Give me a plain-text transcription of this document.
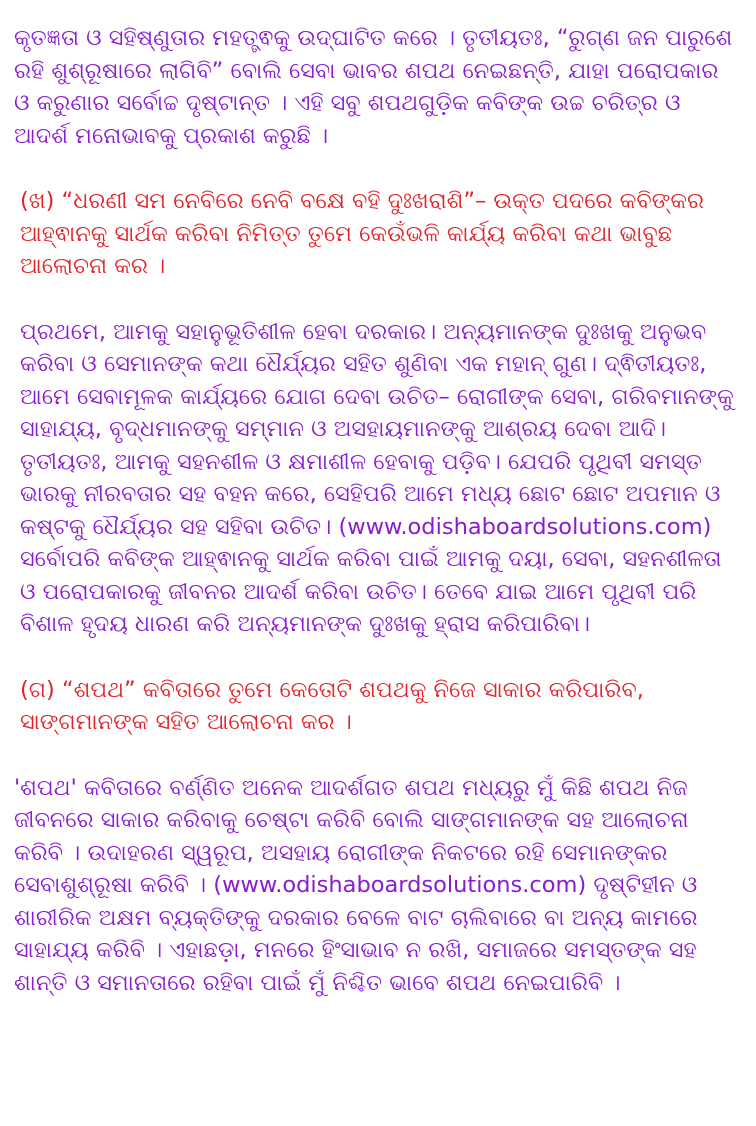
କୃତଜ୍ଞତା ଓ ସହିଷ୍ଣୁତାର ମହତ୍ତ୍ଵକୁ ଉଦ୍‌ଘାଟିତ କରେ । ତୃତୀୟତଃ, “ରୁଗ୍ଣ ଜନ ପାରୁଶେ ରହି ଶୁଶ୍ରୂଷାରେ ଲାଗିବି” ବୋଲି ସେବା ଭାବର ଶପଥ ନେଇଛନ୍ତି, ଯାହା ପରୋପକାର ଓ କରୁଣାର ସର୍ବୋଚ୍ଚ ଦୃଷ୍ଟାନ୍ତ । ଏହି ସବୁ ଶପଥଗୁଡ଼ିକ କବିଙ୍କ ଉଚ୍ଚ ଚରିତ୍ର ଓ ଆଦର୍ଶ ମନୋଭାବକୁ ପ୍ରକାଶ କରୁଛି ।

(ଖ) “ଧରଣୀ ସମ ନେବିରେ ନେବି ବକ୍ଷେ ବହି ଦୁଃଖରାଶି”– ଉକ୍ତ ପଦରେ କବିଙ୍କର ଆହ୍ଵାନକୁ ସାର୍ଥକ କରିବା ନିମିତ୍ତ ତୁମେ କେଉଁଭଳି କାର୍ଯ୍ୟ କରିବା କଥା ଭାବୁଛ ଆଲୋଚନା କର ।

ପ୍ରଥମେ, ଆମକୁ ସହାନୁଭୂତିଶୀଳ ହେବା ଦରକାର। ଅନ୍ୟମାନଙ୍କ ଦୁଃଖକୁ ଅନୁଭବ କରିବା ଓ ସେମାନଙ୍କ କଥା ଧୈର୍ଯ୍ୟର ସହିତ ଶୁଣିବା ଏକ ମହାନ୍ ଗୁଣ। ଦ୍ଵିତୀୟତଃ, ଆମେ ସେବାମୂଳକ କାର୍ଯ୍ୟରେ ଯୋଗ ଦେବା ଉଚିତ– ରୋଗୀଙ୍କ ସେବା, ଗରିବମାନଙ୍କୁ ସାହାଯ୍ୟ, ବୃଦ୍ଧମାନଙ୍କୁ ସମ୍ମାନ ଓ ଅସହାୟମାନଙ୍କୁ ଆଶ୍ରୟ ଦେବା ଆଦି। ତୃତୀୟତଃ, ଆମକୁ ସହନଶୀଳ ଓ କ୍ଷମାଶୀଳ ହେବାକୁ ପଡ଼ିବ। ଯେପରି ପୃଥିବୀ ସମସ୍ତ ଭାରକୁ ନୀରବତାର ସହ ବହନ କରେ, ସେହିପରି ଆମେ ମଧ୍ୟ ଛୋଟ ଛୋଟ ଅପମାନ ଓ କଷ୍ଟକୁ ଧୈର୍ଯ୍ୟର ସହ ସହିବା ଉଚିତ। (www.odishaboardsolutions.com) ସର୍ବୋପରି କବିଙ୍କ ଆହ୍ଵାନକୁ ସାର୍ଥକ କରିବା ପାଇଁ ଆମକୁ ଦୟା, ସେବା, ସହନଶୀଳତା ଓ ପରୋପକାରକୁ ଜୀବନର ଆଦର୍ଶ କରିବା ଉଚିତ। ତେବେ ଯାଇ ଆମେ ପୃଥିବୀ ପରି ବିଶାଳ ହୃଦୟ ଧାରଣ କରି ଅନ୍ୟମାନଙ୍କ ଦୁଃଖକୁ ହ୍ରାସ କରିପାରିବା।

(ଗ) “ଶପଥ” କବିତାରେ ତୁମେ କେତୋଟି ଶପଥକୁ ନିଜେ ସାକାର କରିପାରିବ, ସାଙ୍ଗମାନଙ୍କ ସହିତ ଆଲୋଚନା କର ।

'ଶପଥ' କବିତାରେ ବର୍ଣ୍ଣିତ ଅନେକ ଆଦର୍ଶଗତ ଶପଥ ମଧ୍ୟରୁ ମୁଁ କିଛି ଶପଥ ନିଜ ଜୀବନରେ ସାକାର କରିବାକୁ ଚେଷ୍ଟା କରିବି ବୋଲି ସାଙ୍ଗମାନଙ୍କ ସହ ଆଲୋଚନା କରିବି । ଉଦାହରଣ ସ୍ୱରୂପ, ଅସହାୟ ରୋଗୀଙ୍କ ନିକଟରେ ରହି ସେମାନଙ୍କର ସେବାଶୁଶ୍ରୂଷା କରିବି । (www.odishaboardsolutions.com) ଦୃଷ୍ଟିହୀନ ଓ ଶାରୀରିକ ଅକ୍ଷମ ବ୍ୟକ୍ତିଙ୍କୁ ଦରକାର ବେଳେ ବାଟ ଚାଲିବାରେ ବା ଅନ୍ୟ କାମରେ ସାହାଯ୍ୟ କରିବି । ଏହାଛଡ଼ା, ମନରେ ହିଂସାଭାବ ନ ରଖି, ସମାଜରେ ସମସ୍ତଙ୍କ ସହ ଶାନ୍ତି ଓ ସମାନତାରେ ରହିବା ପାଇଁ ମୁଁ ନିଶ୍ଚିତ ଭାବେ ଶପଥ ନେଇପାରିବି ।
